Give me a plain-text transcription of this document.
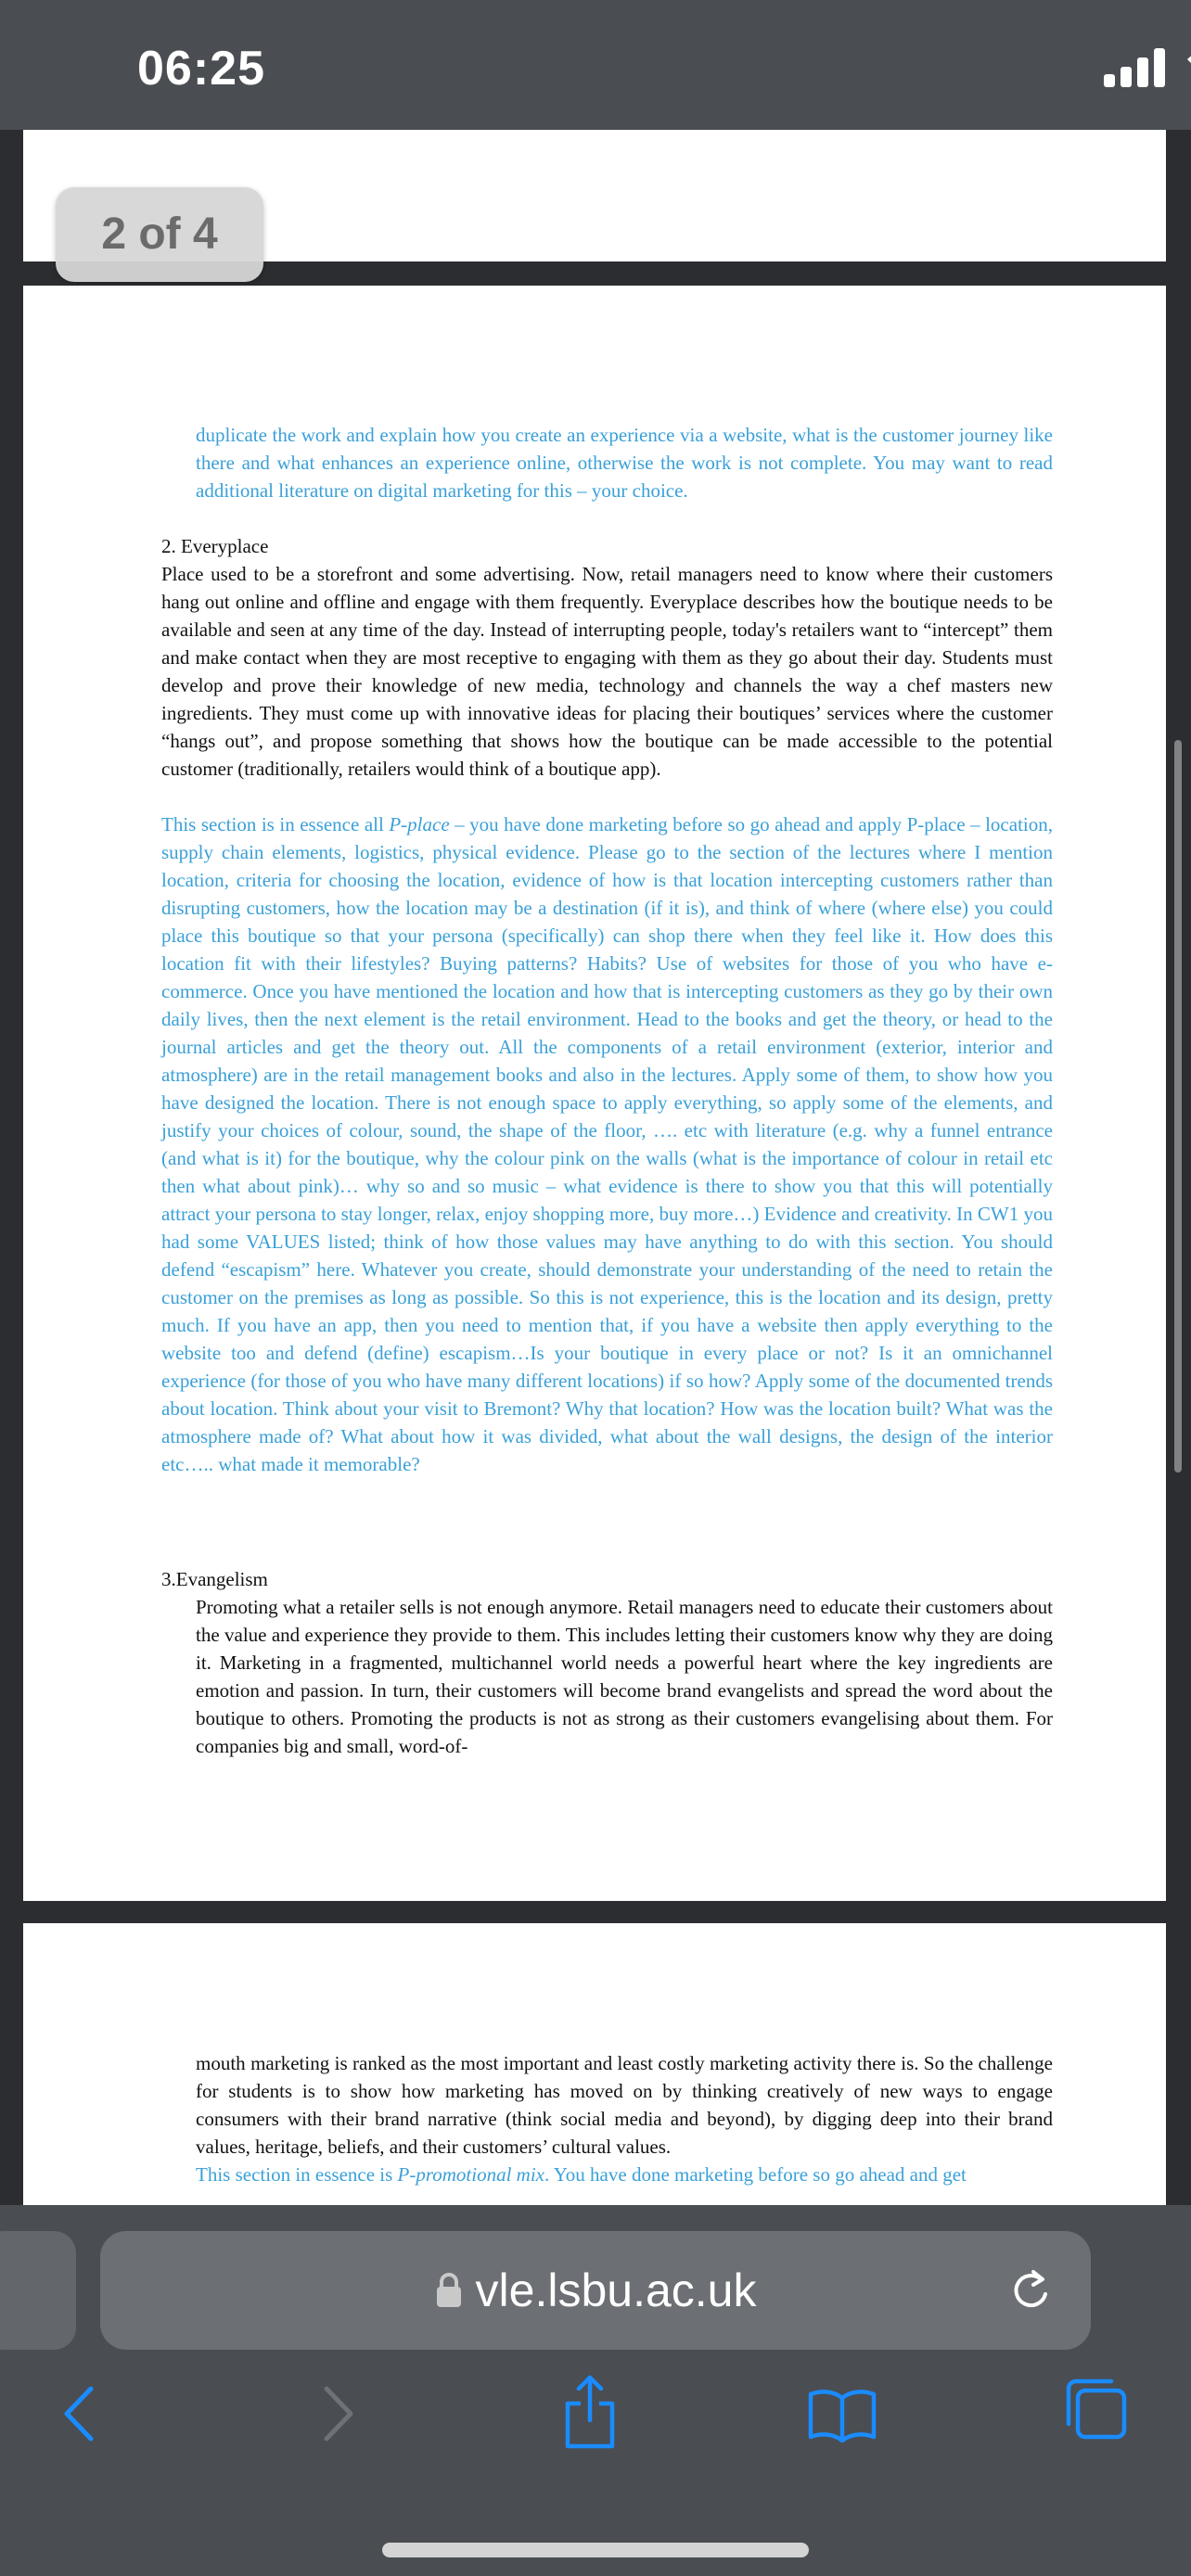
06:25

duplicate the work and explain how you create an experience via a website, what is the customer journey like there and what enhances an experience online, otherwise the work is not complete. You may want to read additional literature on digital marketing for this – your choice.

2. Everyplace

Place used to be a storefront and some advertising. Now, retail managers need to know where their customers hang out online and offline and engage with them frequently. Everyplace describes how the boutique needs to be available and seen at any time of the day. Instead of interrupting people, today's retailers want to “intercept” them and make contact when they are most receptive to engaging with them as they go about their day. Students must develop and prove their knowledge of new media, technology and channels the way a chef masters new ingredients. They must come up with innovative ideas for placing their boutiques’ services where the customer “hangs out”, and propose something that shows how the boutique can be made accessible to the potential customer (traditionally, retailers would think of a boutique app).

This section is in essence all P-place – you have done marketing before so go ahead and apply P-place – location, supply chain elements, logistics, physical evidence. Please go to the section of the lectures where I mention location, criteria for choosing the location, evidence of how is that location intercepting customers rather than disrupting customers, how the location may be a destination (if it is), and think of where (where else) you could place this boutique so that your persona (specifically) can shop there when they feel like it. How does this location fit with their lifestyles? Buying patterns? Habits? Use of websites for those of you who have e-commerce. Once you have mentioned the location and how that is intercepting customers as they go by their own daily lives, then the next element is the retail environment. Head to the books and get the theory, or head to the journal articles and get the theory out. All the components of a retail environment (exterior, interior and atmosphere) are in the retail management books and also in the lectures. Apply some of them, to show how you have designed the location. There is not enough space to apply everything, so apply some of the elements, and justify your choices of colour, sound, the shape of the floor, …. etc with literature (e.g. why a funnel entrance (and what is it) for the boutique, why the colour pink on the walls (what is the importance of colour in retail etc then what about pink)… why so and so music – what evidence is there to show you that this will potentially attract your persona to stay longer, relax, enjoy shopping more, buy more…) Evidence and creativity. In CW1 you had some VALUES listed; think of how those values may have anything to do with this section. You should defend “escapism” here. Whatever you create, should demonstrate your understanding of the need to retain the customer on the premises as long as possible. So this is not experience, this is the location and its design, pretty much. If you have an app, then you need to mention that, if you have a website then apply everything to the website too and defend (define) escapism…Is your boutique in every place or not? Is it an omnichannel experience (for those of you who have many different locations) if so how? Apply some of the documented trends about location. Think about your visit to Bremont? Why that location? How was the location built? What was the atmosphere made of? What about how it was divided, what about the wall designs, the design of the interior etc….. what made it memorable?

3.Evangelism

Promoting what a retailer sells is not enough anymore. Retail managers need to educate their customers about the value and experience they provide to them. This includes letting their customers know why they are doing it. Marketing in a fragmented, multichannel world needs a powerful heart where the key ingredients are emotion and passion. In turn, their customers will become brand evangelists and spread the word about the boutique to others. Promoting the products is not as strong as their customers evangelising about them. For companies big and small, word-of-

mouth marketing is ranked as the most important and least costly marketing activity there is. So the challenge for students is to show how marketing has moved on by thinking creatively of new ways to engage consumers with their brand narrative (think social media and beyond), by digging deep into their brand values, heritage, beliefs, and their customers’ cultural values.

This section in essence is P-promotional mix. You have done marketing before so go ahead and get

2 of 4
vle.lsbu.ac.uk
